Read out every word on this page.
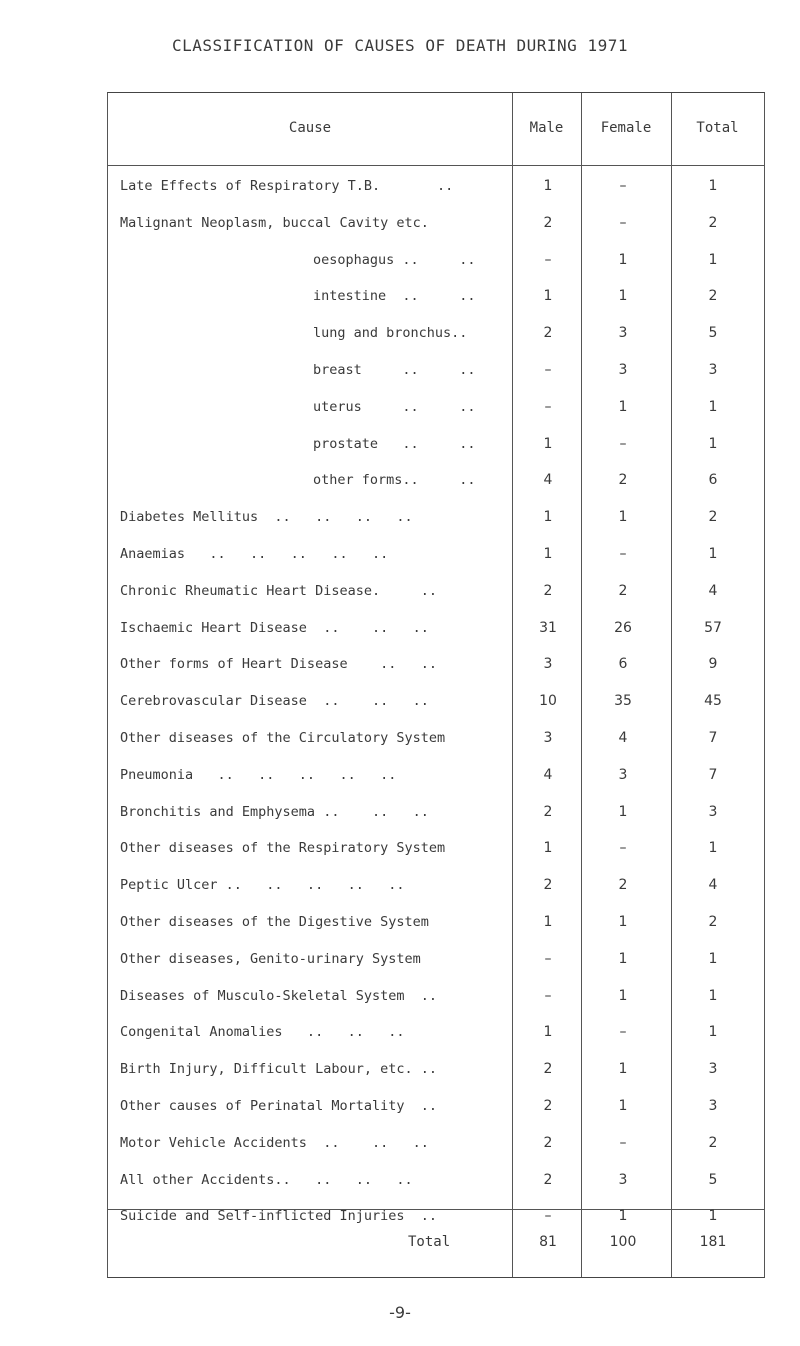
CLASSIFICATION OF CAUSES OF DEATH DURING 1971
Cause	Male	Female	Total
Late Effects of Respiratory T.B.       ..	1	–	1
Malignant Neoplasm, buccal Cavity etc.	2	–	2
oesophagus ..     ..	–	1	1
intestine  ..     ..	1	1	2
lung and bronchus..	2	3	5
breast     ..     ..	–	3	3
uterus     ..     ..	–	1	1
prostate   ..     ..	1	–	1
other forms..     ..	4	2	6
Diabetes Mellitus  ..   ..   ..   ..	1	1	2
Anaemias   ..   ..   ..   ..   ..	1	–	1
Chronic Rheumatic Heart Disease.     ..	2	2	4
Ischaemic Heart Disease  ..    ..   ..	31	26	57
Other forms of Heart Disease    ..   ..	3	6	9
Cerebrovascular Disease  ..    ..   ..	10	35	45
Other diseases of the Circulatory System	3	4	7
Pneumonia   ..   ..   ..   ..   ..	4	3	7
Bronchitis and Emphysema ..    ..   ..	2	1	3
Other diseases of the Respiratory System	1	–	1
Peptic Ulcer ..   ..   ..   ..   ..	2	2	4
Other diseases of the Digestive System	1	1	2
Other diseases, Genito-urinary System	–	1	1
Diseases of Musculo-Skeletal System  ..	–	1	1
Congenital Anomalies   ..   ..   ..	1	–	1
Birth Injury, Difficult Labour, etc. ..	2	1	3
Other causes of Perinatal Mortality  ..	2	1	3
Motor Vehicle Accidents  ..    ..   ..	2	–	2
All other Accidents..   ..   ..   ..	2	3	5
Suicide and Self-inflicted Injuries  ..	–	1	1
Total	81	100	181
-9-
